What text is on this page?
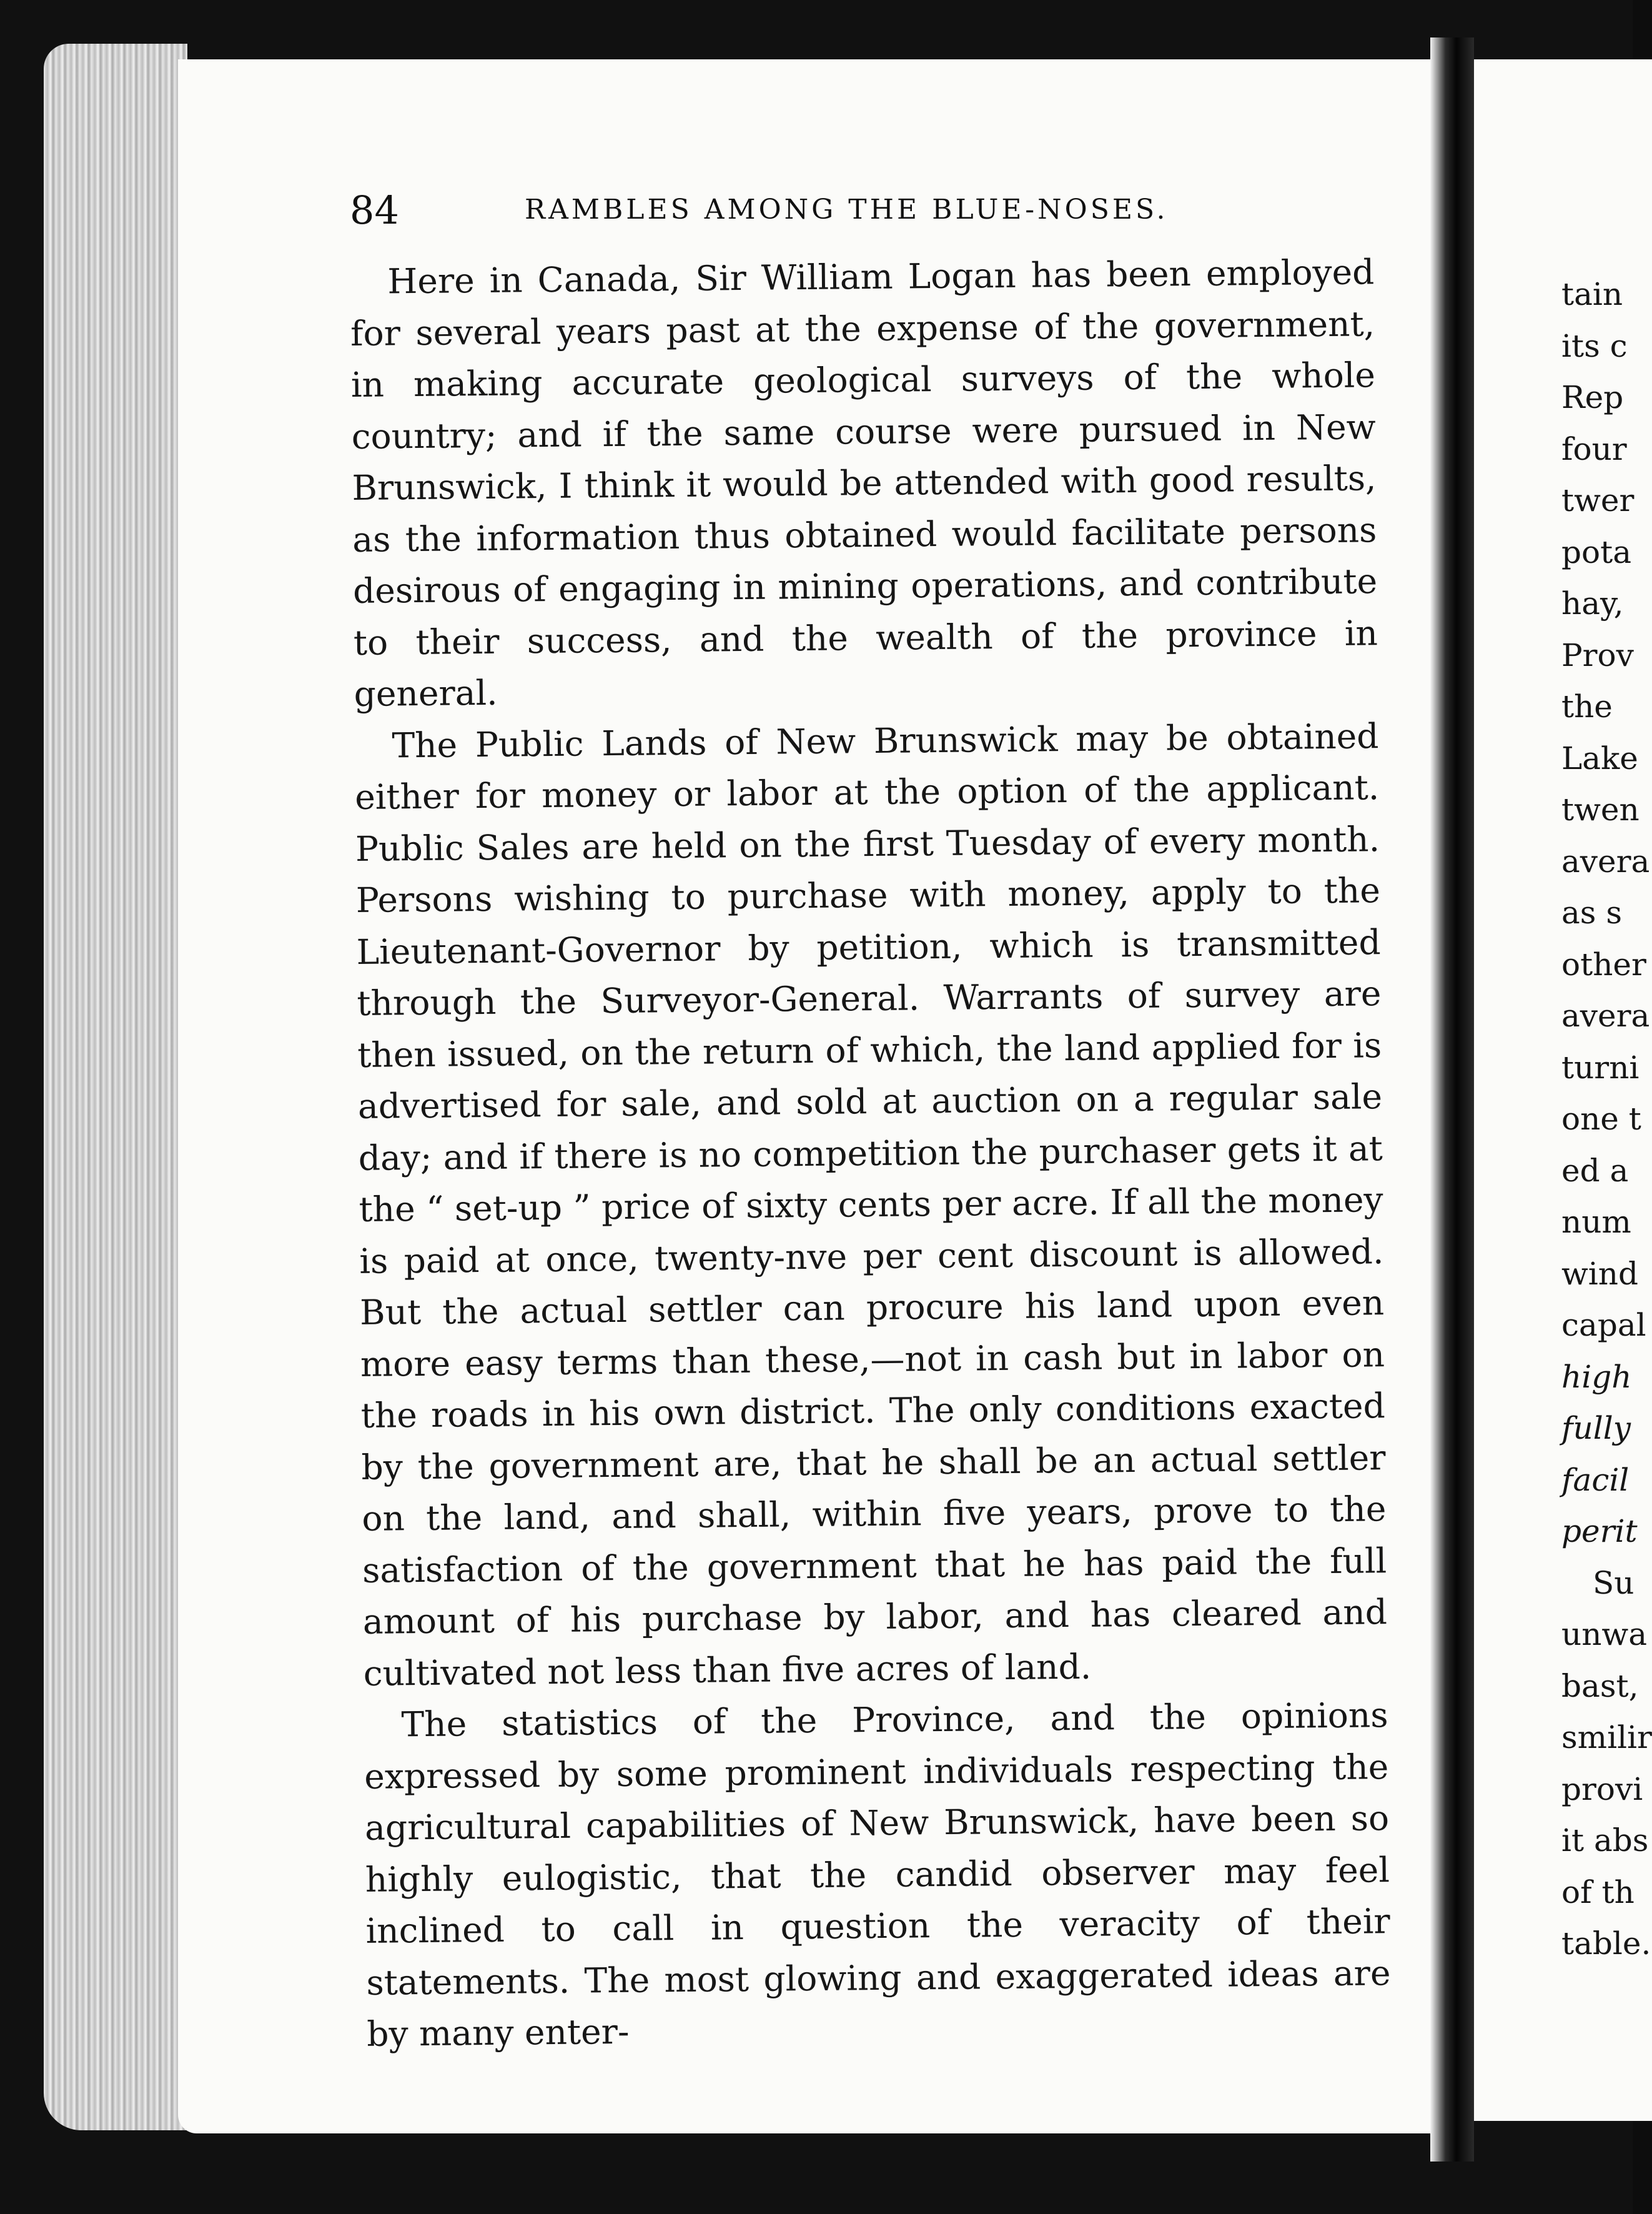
84	RAMBLES AMONG THE BLUE-NOSES.

Here in Canada, Sir William Logan has been employed for several years past at the expense of the government, in making accurate geological surveys of the whole country; and if the same course were pursued in New Brunswick, I think it would be attended with good results, as the information thus obtained would facilitate persons desirous of engaging in mining operations, and contribute to their success, and the wealth of the province in general.

The Public Lands of New Brunswick may be obtained either for money or labor at the option of the applicant. Public Sales are held on the first Tuesday of every month. Persons wishing to purchase with money, apply to the Lieutenant-Governor by petition, which is transmitted through the Surveyor-General. Warrants of survey are then issued, on the return of which, the land applied for is advertised for sale, and sold at auction on a regular sale day; and if there is no competition the purchaser gets it at the “ set-up ” price of sixty cents per acre. If all the money is paid at once, twenty-nve per cent discount is allowed. But the actual settler can procure his land upon even more easy terms than these,—not in cash but in labor on the roads in his own district. The only conditions exacted by the government are, that he shall be an actual settler on the land, and shall, within five years, prove to the satisfaction of the government that he has paid the full amount of his purchase by labor, and has cleared and cultivated not less than five acres of land.

The statistics of the Province, and the opinions expressed by some prominent individuals respecting the agricultural capabilities of New Brunswick, have been so highly eulogistic, that the candid observer may feel inclined to call in question the veracity of their statements. The most glowing and exaggerated ideas are by many enter-

tain
its c
Rep
four
twer
pota
hay,
Prov
the
Lake
twen
avera
as s
other
avera
turni
one t
ed a
num
wind
capal
high
fully
facil
perit
Su
unwa
bast,
smilir
provi
it abs
of th
table.
